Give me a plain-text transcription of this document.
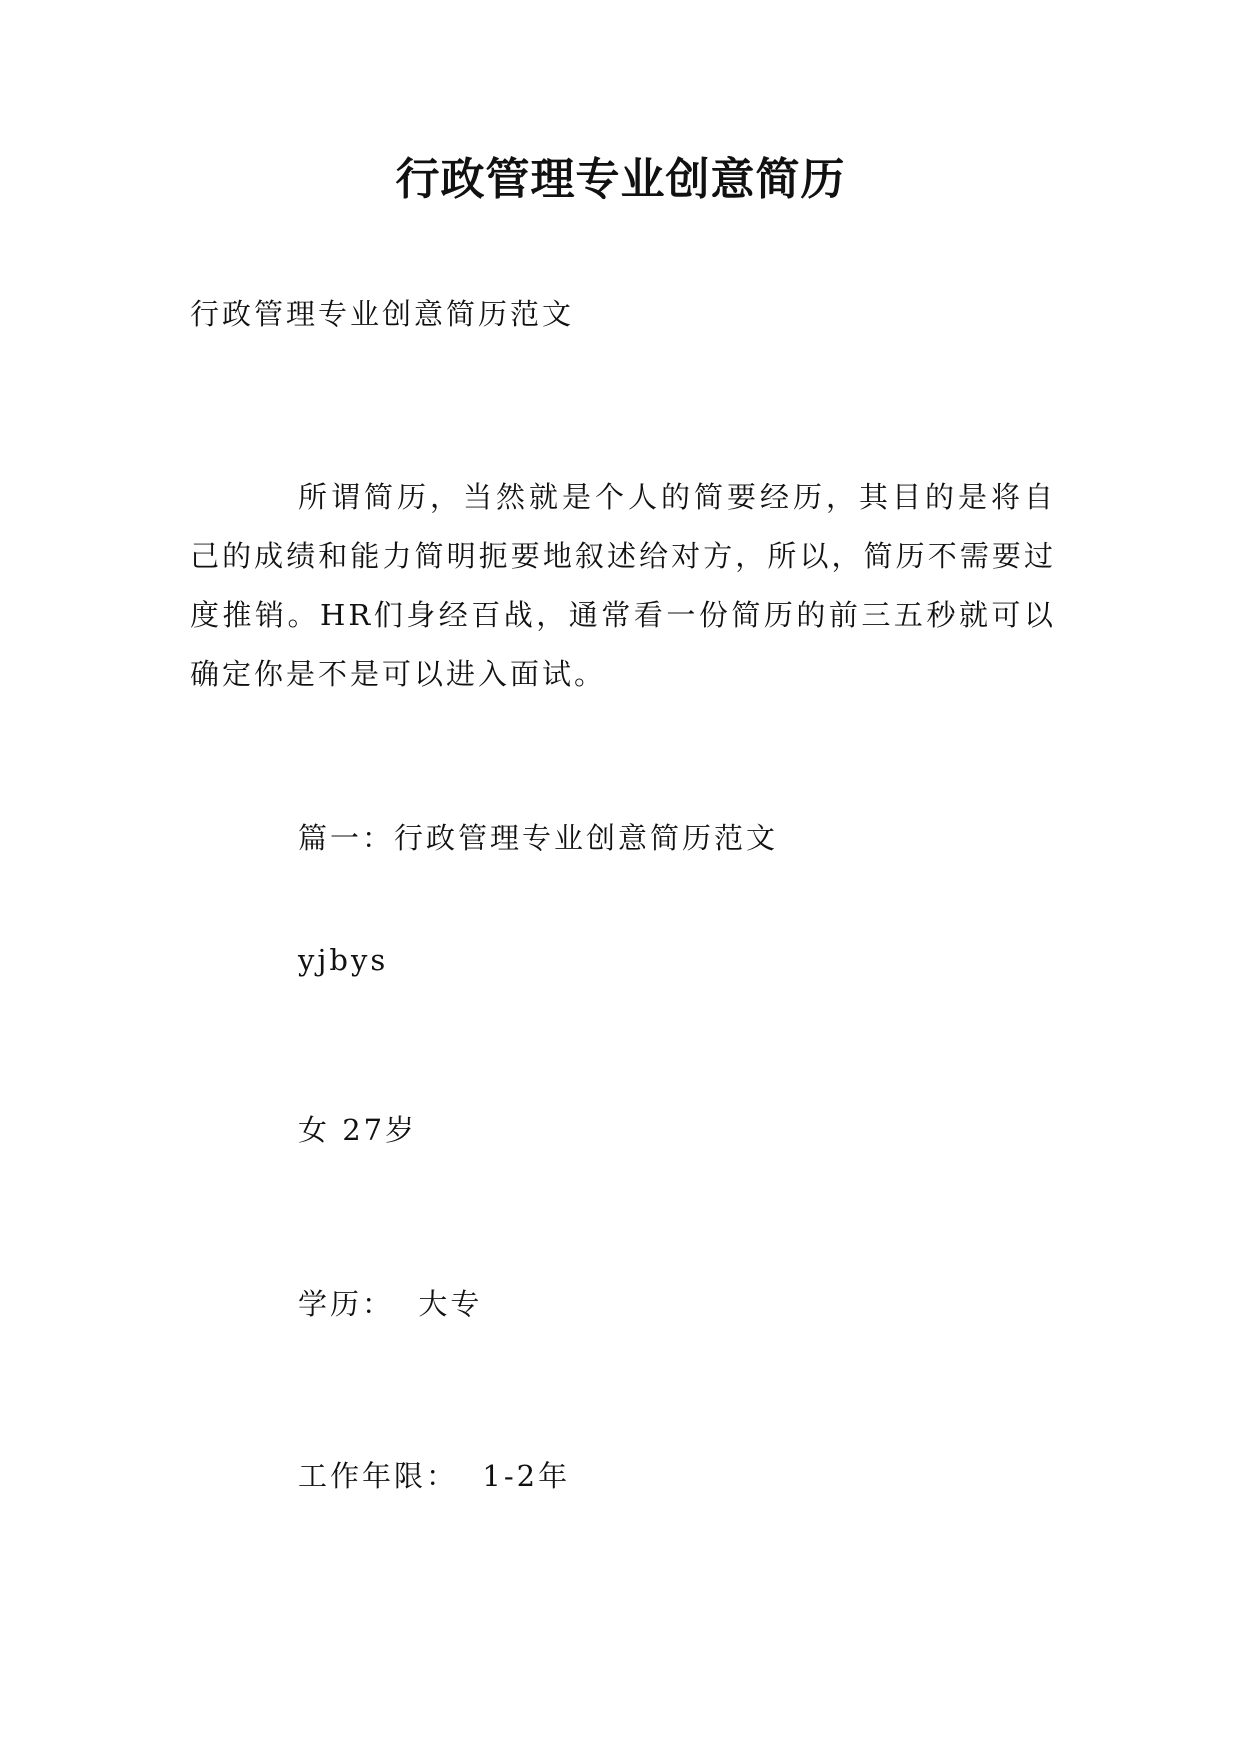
行政管理专业创意简历
行政管理专业创意简历范文
所谓简历，当然就是个人的简要经历，其目的是将自己的成绩和能力简明扼要地叙述给对方，所以，简历不需要过度推销。HR们身经百战，通常看一份简历的前三五秒就可以确定你是不是可以进入面试。
篇一：行政管理专业创意简历范文
yjbys
女 27岁
学历：  大专
工作年限：  1-2年
